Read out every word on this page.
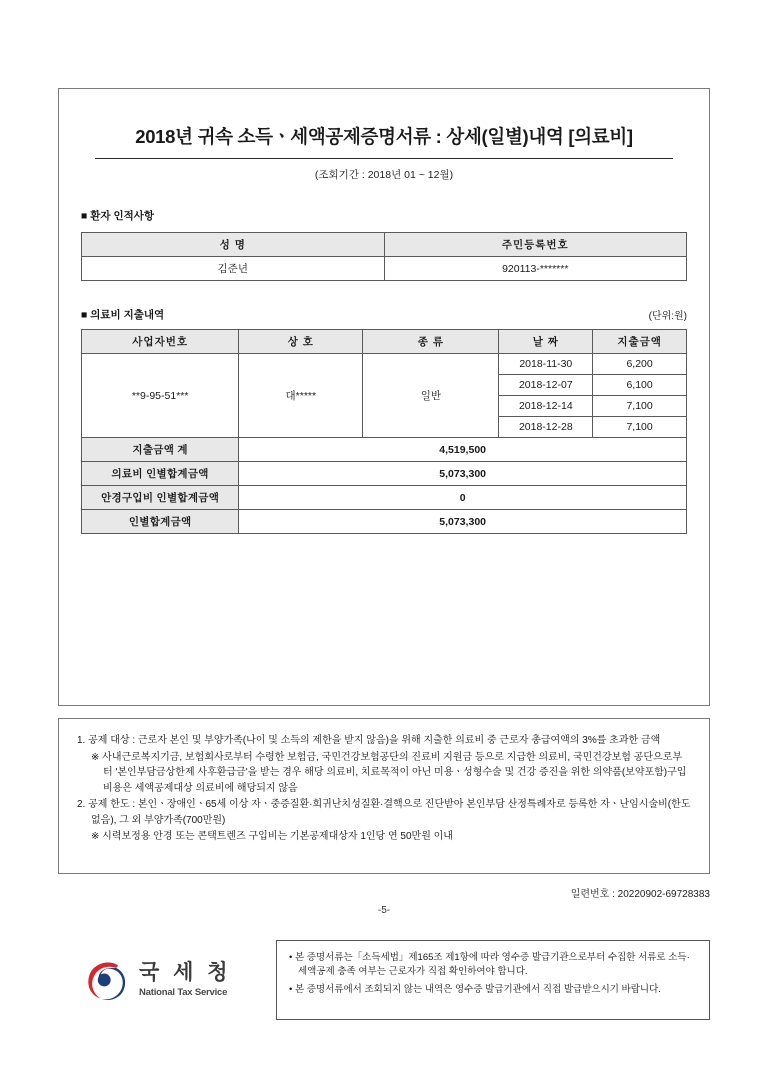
2018년 귀속 소득ㆍ세액공제증명서류 : 상세(일별)내역 [의료비]
(조회기간 : 2018년 01 ~ 12월)
■ 환자 인적사항
성 명	주민등록번호
김준년	920113-*******
■ 의료비 지출내역	(단위:원)
사업자번호	상 호	종 류	날 짜	지출금액
**9-95-51***	대*****	일반	2018-11-30	6,200
			2018-12-07	6,100
			2018-12-14	7,100
			2018-12-28	7,100
지출금액 계	4,519,500			
의료비 인별합계금액	5,073,300			
안경구입비 인별합계금액	0			
인별합계금액	5,073,300			
1. 공제 대상 : 근로자 본인 및 부양가족(나이 및 소득의 제한을 받지 않음)을 위해 지출한 의료비 중 근로자 총급여액의 3%를 초과한 금액
※ 사내근로복지기금, 보험회사로부터 수령한 보험금, 국민건강보험공단의 진료비 지원금 등으로 지급한 의료비, 국민건강보험 공단으로부터 '본인부담금상한제 사후환급금'을 받는 경우 해당 의료비, 치료목적이 아닌 미용ㆍ성형수술 및 건강 증진을 위한 의약품(보약포함)구입 비용은 세액공제대상 의료비에 해당되지 않음
2. 공제 한도 : 본인ㆍ장애인ㆍ65세 이상 자ㆍ중증질환·희귀난치성질환·결핵으로 진단받아 본인부담 산정특례자로 등록한 자ㆍ난임시술비(한도없음), 그 외 부양가족(700만원)
※ 시력보정용 안경 또는 콘택트렌즈 구입비는 기본공제대상자 1인당 연 50만원 이내
일련번호 : 20220902-69728383
-5-
국 세 청
National Tax Service
• 본 증명서류는「소득세법」제165조 제1항에 따라 영수증 발급기관으로부터 수집한 서류로 소득·세액공제 충족 여부는 근로자가 직접 확인하여야 합니다.
• 본 증명서류에서 조회되지 않는 내역은 영수증 발급기관에서 직접 발급받으시기 바랍니다.
